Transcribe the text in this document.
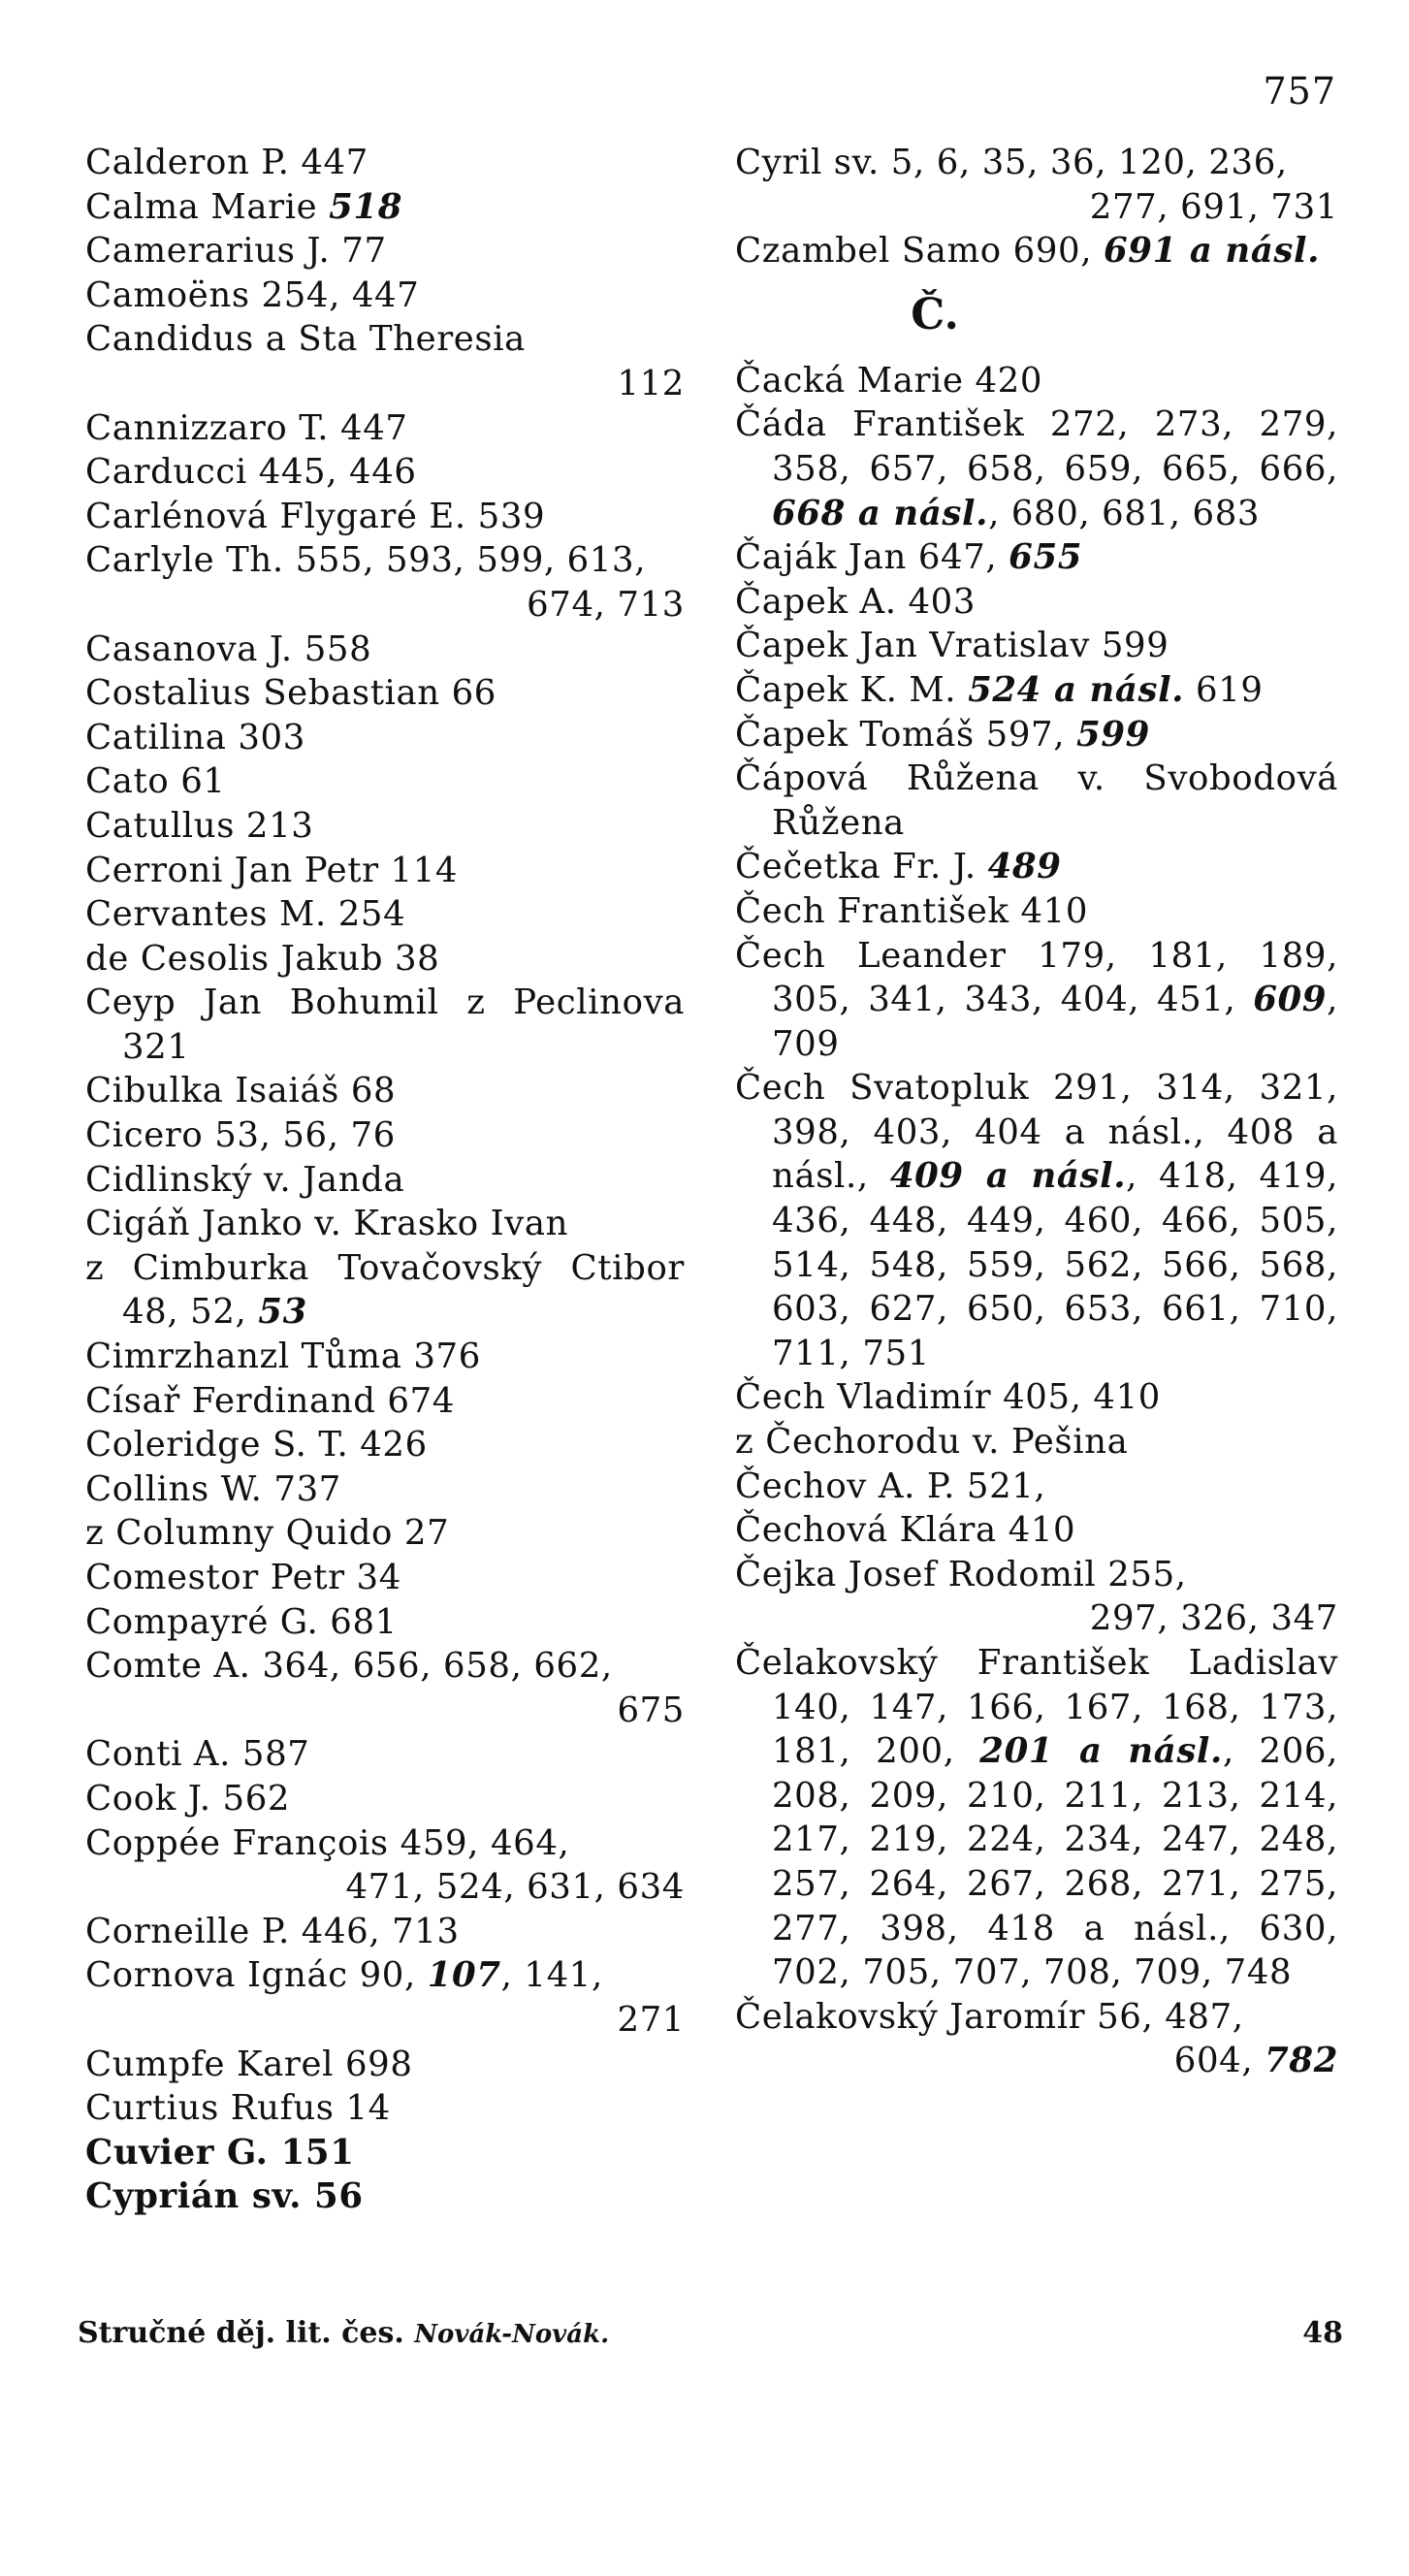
757
Calderon P. 447
Calma Marie 518
Camerarius J. 77
Camoëns 254, 447
Candidus a Sta Theresia
112
Cannizzaro T. 447
Carducci 445, 446
Carlénová Flygaré E. 539
Carlyle Th. 555, 593, 599, 613,
674, 713
Casanova J. 558
Costalius Sebastian 66
Catilina 303
Cato 61
Catullus 213
Cerroni Jan Petr 114
Cervantes M. 254
de Cesolis Jakub 38
Ceyp Jan Bohumil z Peclinova 321
Cibulka Isaiáš 68
Cicero 53, 56, 76
Cidlinský v. Janda
Cigáň Janko v. Krasko Ivan
z Cimburka Tovačovský Ctibor 48, 52, 53
Cimrzhanzl Tůma 376
Císař Ferdinand 674
Coleridge S. T. 426
Collins W. 737
z Columny Quido 27
Comestor Petr 34
Compayré G. 681
Comte A. 364, 656, 658, 662,
675
Conti A. 587
Cook J. 562
Coppée François 459, 464,
471, 524, 631, 634
Corneille P. 446, 713
Cornova Ignác 90, 107, 141,
271
Cumpfe Karel 698
Curtius Rufus 14
Cuvier G. 151
Cyprián sv. 56
Cyril sv. 5, 6, 35, 36, 120, 236,
277, 691, 731
Czambel Samo 690, 691 a násl.
Č.
Čacká Marie 420
Čáda František 272, 273, 279, 358, 657, 658, 659, 665, 666, 668 a násl., 680, 681, 683
Čaják Jan 647, 655
Čapek A. 403
Čapek Jan Vratislav 599
Čapek K. M. 524 a násl. 619
Čapek Tomáš 597, 599
Čápová Růžena v. Svobodová Růžena
Čečetka Fr. J. 489
Čech František 410
Čech Leander 179, 181, 189, 305, 341, 343, 404, 451, 609, 709
Čech Svatopluk 291, 314, 321, 398, 403, 404 a násl., 408 a násl., 409 a násl., 418, 419, 436, 448, 449, 460, 466, 505, 514, 548, 559, 562, 566, 568, 603, 627, 650, 653, 661, 710, 711, 751
Čech Vladimír 405, 410
z Čechorodu v. Pešina
Čechov A. P. 521,
Čechová Klára 410
Čejka Josef Rodomil 255,
297, 326, 347
Čelakovský František Ladislav 140, 147, 166, 167, 168, 173, 181, 200, 201 a násl., 206, 208, 209, 210, 211, 213, 214, 217, 219, 224, 234, 247, 248, 257, 264, 267, 268, 271, 275, 277, 398, 418 a násl., 630, 702, 705, 707, 708, 709, 748
Čelakovský Jaromír 56, 487,
604, 782
Stručné děj. lit. čes. Novák-Novák.	48
